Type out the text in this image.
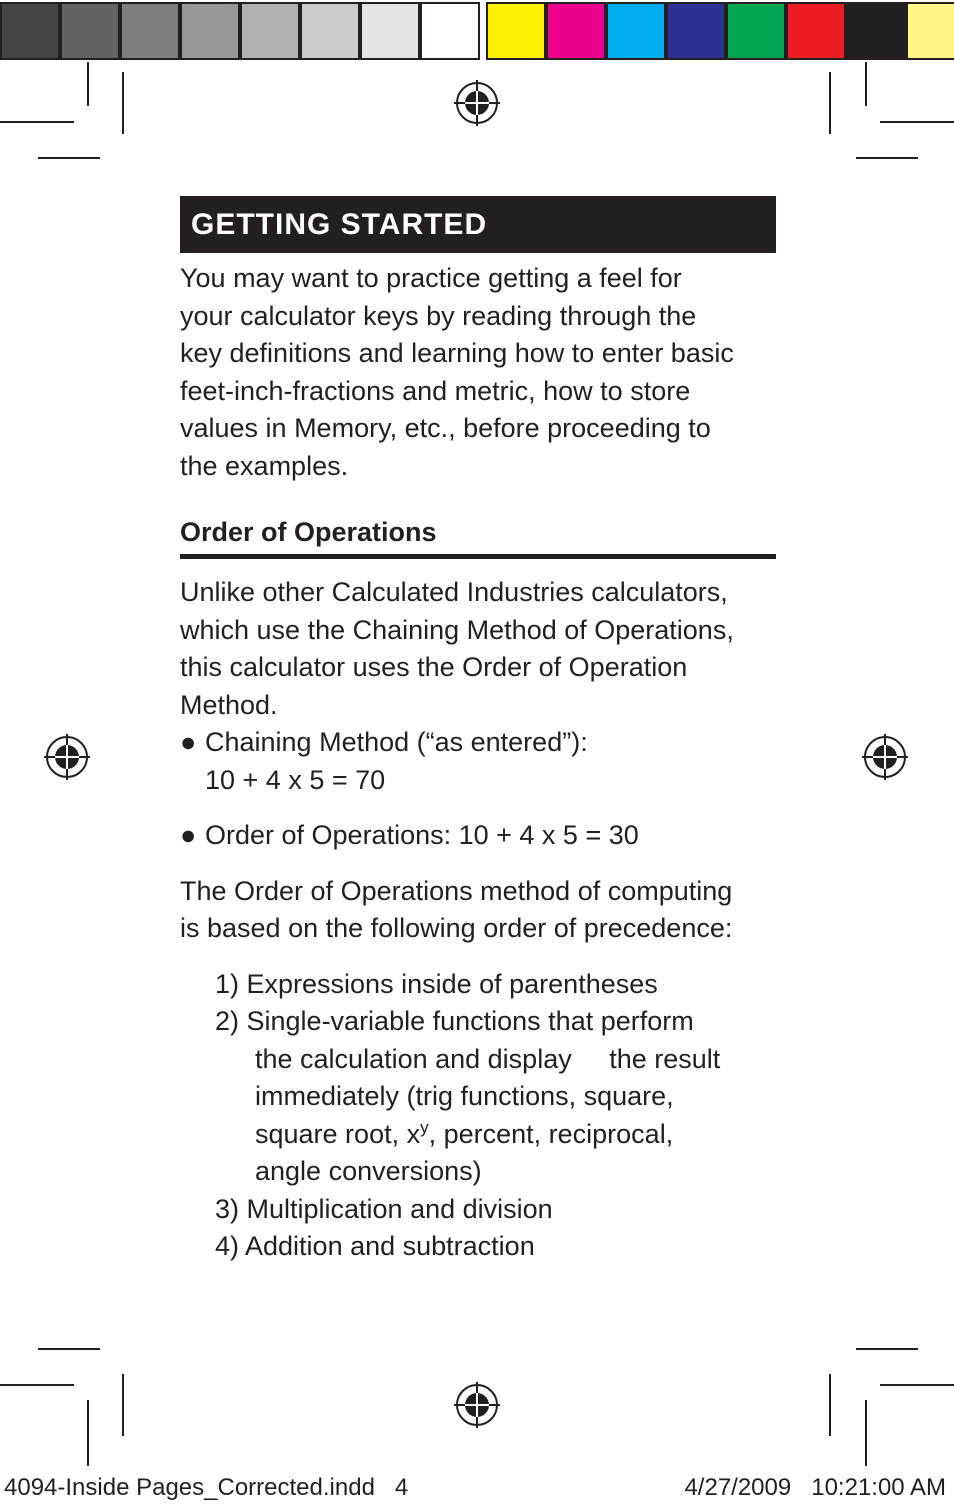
GETTING STARTED

You may want to practice getting a feel for

your calculator keys by reading through the

key definitions and learning how to enter basic

feet-inch-fractions and metric, how to store

values in Memory, etc., before proceeding to

the examples.

Order of Operations

Unlike other Calculated Industries calculators,

which use the Chaining Method of Operations,

this calculator uses the Order of Operation

Method.

● Chaining Method (“as entered”):
10 + 4 x 5 = 70
● Order of Operations: 10 + 4 x 5 = 30

The Order of Operations method of computing

is based on the following order of precedence:

1) Expressions inside of parentheses
2) Single-variable functions that perform
the calculation and display     the result
immediately (trig functions, square,
square root, $x^y$, percent, reciprocal,
angle conversions)
3) Multiplication and division
4) Addition and subtraction
4094-Inside Pages_Corrected.indd   4	4/27/2009   10:21:00 AM
